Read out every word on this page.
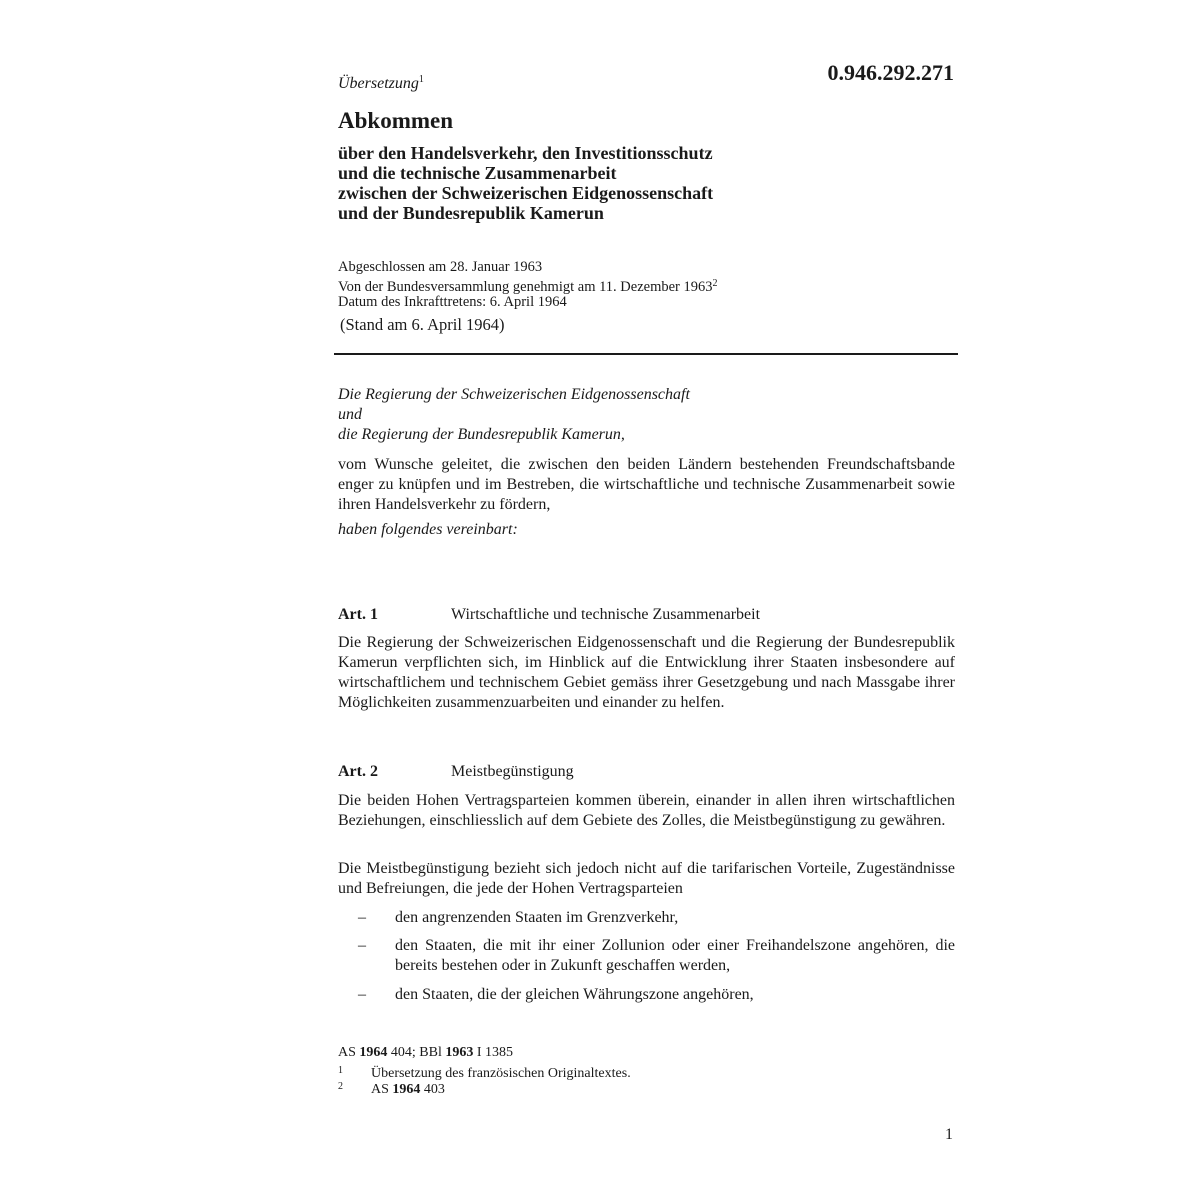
Übersetzung$^1$	0.946.292.271
Abkommen
über den Handelsverkehr, den Investitionsschutz
und die technische Zusammenarbeit
zwischen der Schweizerischen Eidgenossenschaft
und der Bundesrepublik Kamerun
Abgeschlossen am 28. Januar 1963
Von der Bundesversammlung genehmigt am 11. Dezember 1963$^2$
Datum des Inkrafttretens: 6. April 1964
(Stand am 6. April 1964)
Die Regierung der Schweizerischen Eidgenossenschaft
und
die Regierung der Bundesrepublik Kamerun,
vom Wunsche geleitet, die zwischen den beiden Ländern bestehenden Freundschaftsbande enger zu knüpfen und im Bestreben, die wirtschaftliche und technische Zusammenarbeit sowie ihren Handelsverkehr zu fördern,
haben folgendes vereinbart:
Art. 1	Wirtschaftliche und technische Zusammenarbeit
Die Regierung der Schweizerischen Eidgenossenschaft und die Regierung der Bundesrepublik Kamerun verpflichten sich, im Hinblick auf die Entwicklung ihrer Staaten insbesondere auf wirtschaftlichem und technischem Gebiet gemäss ihrer Gesetzgebung und nach Massgabe ihrer Möglichkeiten zusammenzuarbeiten und einander zu helfen.
Art. 2	Meistbegünstigung
Die beiden Hohen Vertragsparteien kommen überein, einander in allen ihren wirtschaftlichen Beziehungen, einschliesslich auf dem Gebiete des Zolles, die Meistbegünstigung zu gewähren.
Die Meistbegünstigung bezieht sich jedoch nicht auf die tarifarischen Vorteile, Zugeständnisse und Befreiungen, die jede der Hohen Vertragsparteien
– den angrenzenden Staaten im Grenzverkehr,
– den Staaten, die mit ihr einer Zollunion oder einer Freihandelszone angehören, die bereits bestehen oder in Zukunft geschaffen werden,
– den Staaten, die der gleichen Währungszone angehören,
AS 1964 404; BBl 1963 I 1385
1 Übersetzung des französischen Originaltextes.
2 AS 1964 403
1
